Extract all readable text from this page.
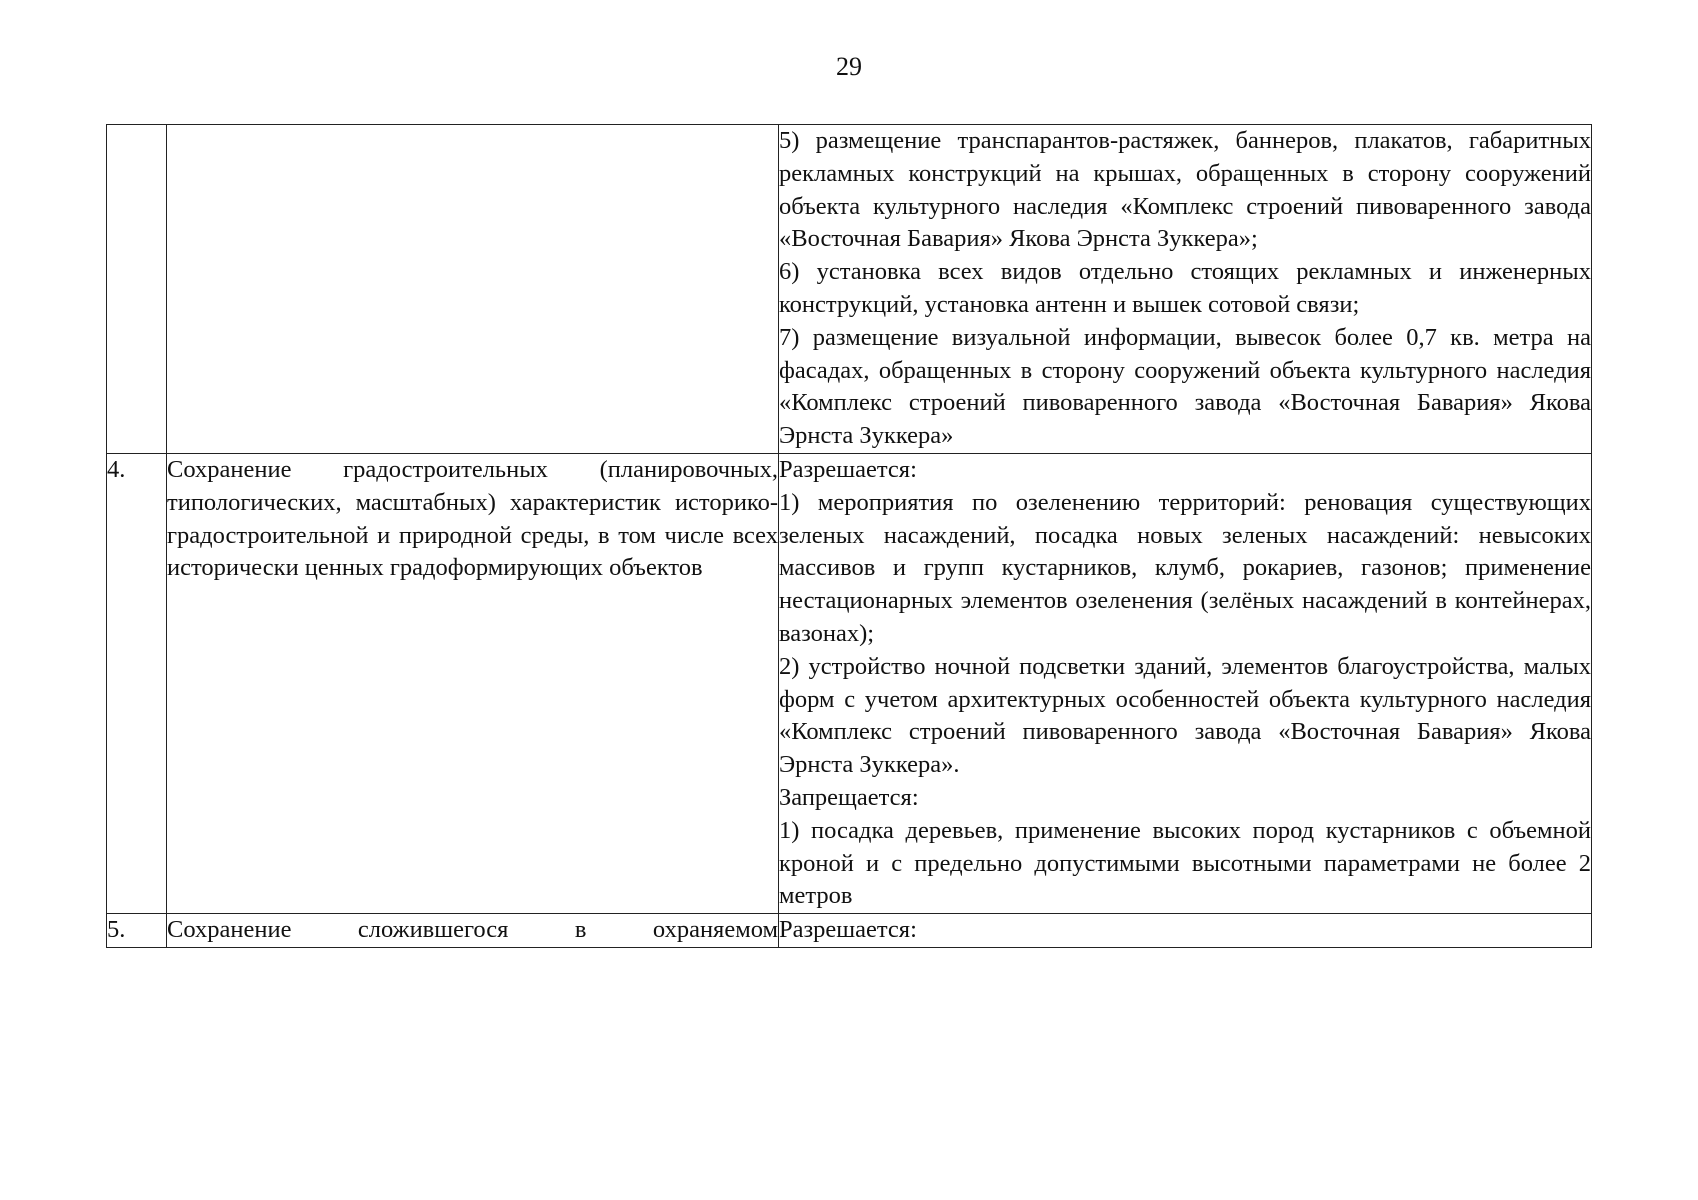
29

		5) размещение транспарантов-растяжек, баннеров, плакатов, габаритных рекламных конструкций на крышах, обращенных в сторону сооружений объекта культурного наследия «Комплекс строений пивоваренного завода «Восточная Бавария» Якова Эрнста Зуккера»;

6) установка всех видов отдельно стоящих рекламных и инженерных конструкций, установка антенн и вышек сотовой связи;

7) размещение визуальной информации, вывесок более 0,7 кв. метра на фасадах, обращенных в сторону сооружений объекта культурного наследия «Комплекс строений пивоваренного завода «Восточная Бавария» Якова Эрнста Зуккера»

4.	Сохранение градостроительных (планировочных, типологических, масштабных) характеристик историко-градостроительной и природной среды, в том числе всех исторически ценных градоформирующих объектов	Разрешается:

1) мероприятия по озеленению территорий: реновация существующих зеленых насаждений, посадка новых зеленых насаждений: невысоких массивов и групп кустарников, клумб, рокариев, газонов; применение нестационарных элементов озеленения (зелёных насаждений в контейнерах, вазонах);

2) устройство ночной подсветки зданий, элементов благоустройства, малых форм с учетом архитектурных особенностей объекта культурного наследия «Комплекс строений пивоваренного завода «Восточная Бавария» Якова Эрнста Зуккера».

Запрещается:

1) посадка деревьев, применение высоких пород кустарников с объемной кроной и с предельно допустимыми высотными параметрами не более 2 метров

5.	Сохранение сложившегося в охраняемом	Разрешается:
